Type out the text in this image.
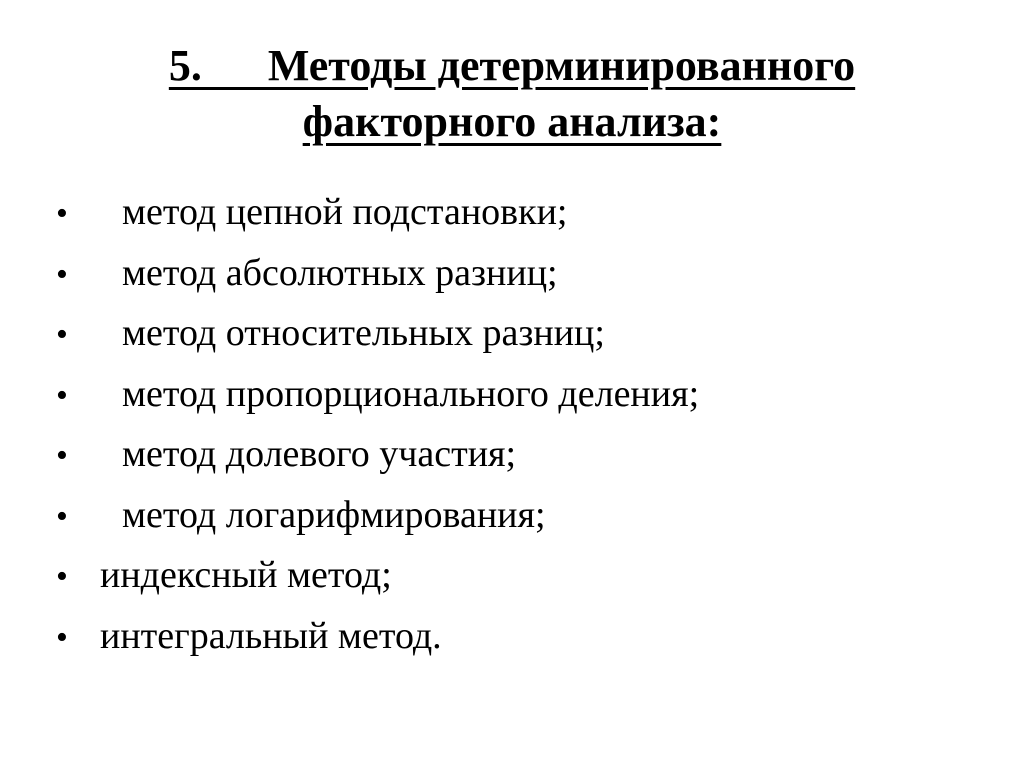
5.      Методы детерминированного
факторного анализа:
• метод цепной подстановки;
• метод абсолютных разниц;
• метод относительных разниц;
• метод пропорционального деления;
• метод долевого участия;
• метод логарифмирования;
• индексный метод;
• интегральный метод.
